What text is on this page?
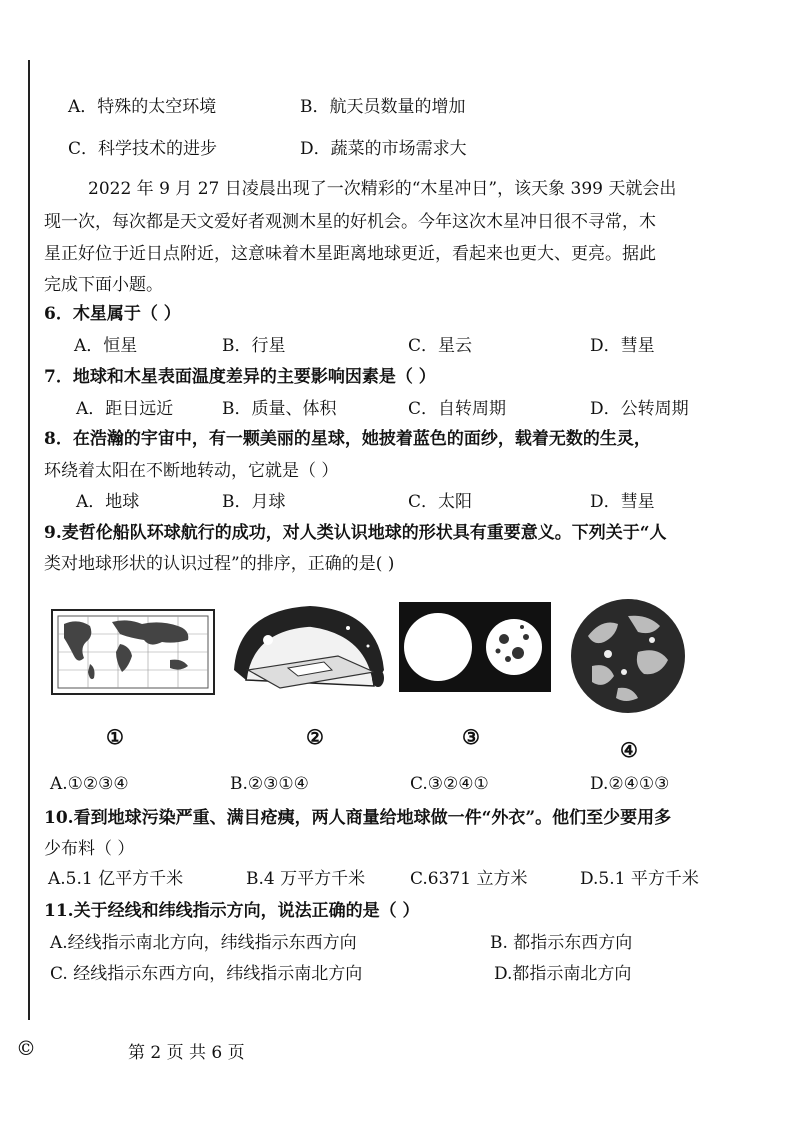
A．特殊的太空环境	B．航天员数量的增加
C．科学技术的进步	D．蔬菜的市场需求大
2022 年 9 月 27 日凌晨出现了一次精彩的“木星冲日”，该天象 399 天就会出
现一次，每次都是天文爱好者观测木星的好机会。今年这次木星冲日很不寻常，木
星正好位于近日点附近，这意味着木星距离地球更近，看起来也更大、更亮。据此
完成下面小题。
6．木星属于（ ）
A．恒星	B．行星	C．星云	D．彗星
7．地球和木星表面温度差异的主要影响因素是（ ）
A．距日远近	B．质量、体积	C．自转周期	D．公转周期
8．在浩瀚的宇宙中，有一颗美丽的星球，她披着蓝色的面纱，载着无数的生灵，
环绕着太阳在不断地转动，它就是（ ）
A．地球	B．月球	C．太阳	D．彗星
9.麦哲伦船队环球航行的成功，对人类认识地球的形状具有重要意义。下列关于“人
类对地球形状的认识过程”的排序，正确的是( )
①	②	③
④
A.①②③④	B.②③①④	C.③②④①	D.②④①③
10.看到地球污染严重、满目疮痍，两人商量给地球做一件“外衣”。他们至少要用多
少布料（ ）
A.5.1 亿平方千米	B.4 万平方千米	C.6371 立方米	D.5.1 平方千米
11.关于经线和纬线指示方向，说法正确的是（ ）
A.经线指示南北方向，纬线指示东西方向	B. 都指示东西方向
C. 经线指示东西方向，纬线指示南北方向	D.都指示南北方向
©	第 2 页 共 6 页
